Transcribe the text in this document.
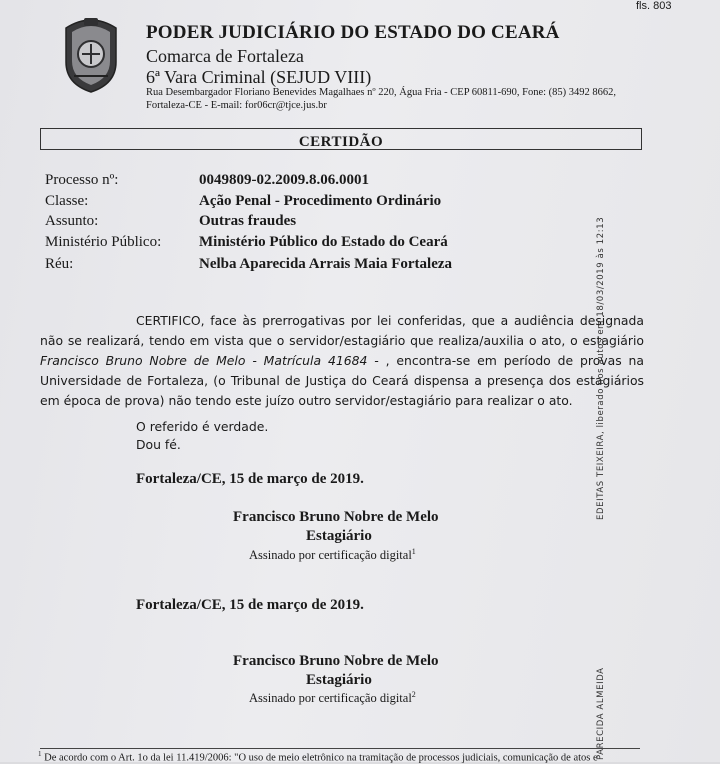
fls. 803
PODER JUDICIÁRIO DO ESTADO DO CEARÁ
Comarca de Fortaleza
6ª Vara Criminal (SEJUD VIII)
Rua Desembargador Floriano Benevides Magalhaes nº 220, Água Fria - CEP 60811-690, Fone: (85) 3492 8662,
Fortaleza-CE - E-mail: for06cr@tjce.jus.br
CERTIDÃO
Processo nº:	0049809-02.2009.8.06.0001
Classe:	Ação Penal - Procedimento Ordinário
Assunto:	Outras fraudes
Ministério Público:	Ministério Público do Estado do Ceará
Réu:	Nelba Aparecida Arrais Maia Fortaleza
CERTIFICO, face às prerrogativas por lei conferidas, que a audiência designada não se realizará, tendo em vista que o servidor/estagiário que realiza/auxilia o ato, o estagiário Francisco Bruno Nobre de Melo - Matrícula 41684 - , encontra-se em período de provas na Universidade de Fortaleza, (o Tribunal de Justiça do Ceará dispensa a presença dos estagiários em época de prova) não tendo este juízo outro servidor/estagiário para realizar o ato.
O referido é verdade.
Dou fé.
Fortaleza/CE, 15 de março de 2019.
Francisco Bruno Nobre de Melo
Estagiário
Assinado por certificação digital$^1$
Fortaleza/CE, 15 de março de 2019.
Francisco Bruno Nobre de Melo
Estagiário
Assinado por certificação digital$^2$
$^1$ De acordo com o Art. 1o da lei 11.419/2006: "O uso de meio eletrônico na tramitação de processos judiciais, comunicação de atos e
EDEITAS TEIXEIRA, liberado nos autos em 18/03/2019 às 12:13
PARECIDA ALMEIDA
